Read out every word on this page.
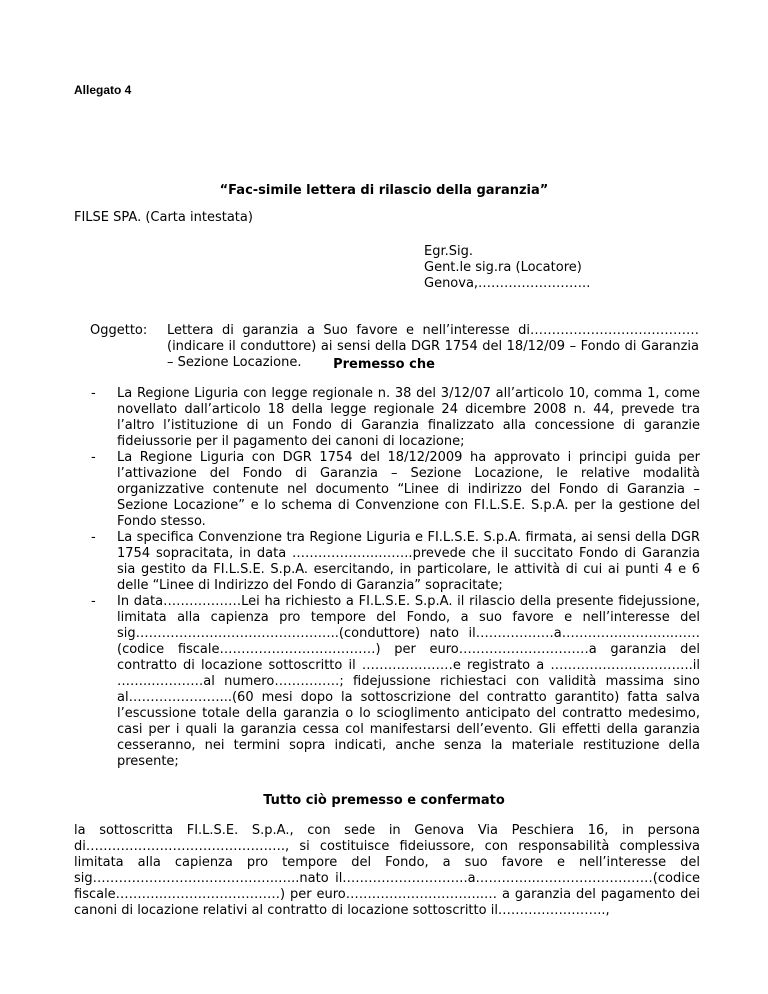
Allegato 4
“Fac-simile lettera di rilascio della garanzia”
FILSE SPA. (Carta intestata)
Egr.Sig.
Gent.le sig.ra (Locatore)
Genova,……………………..
Oggetto: Lettera di garanzia a Suo favore e nell’interesse di………………………………… (indicare il conduttore) ai sensi della DGR 1754 del 18/12/09 – Fondo di Garanzia – Sezione Locazione.	Premesso che
- La Regione Liguria con legge regionale n. 38 del 3/12/07 all’articolo 10, comma 1, come novellato dall’articolo 18 della legge regionale 24 dicembre 2008 n. 44, prevede tra l’altro l’istituzione di un Fondo di Garanzia finalizzato alla concessione di garanzie fideiussorie per il pagamento dei canoni di locazione;
- La Regione Liguria con DGR 1754 del 18/12/2009 ha approvato i principi guida per l’attivazione del Fondo di Garanzia – Sezione Locazione, le relative modalità organizzative contenute nel documento “Linee di indirizzo del Fondo di Garanzia – Sezione Locazione” e lo schema di Convenzione con FI.L.S.E. S.p.A. per la gestione del Fondo stesso.
- La specifica Convenzione tra Regione Liguria e FI.L.S.E. S.p.A. firmata, ai sensi della DGR 1754 sopracitata, in data ………………..……..prevede che il succitato Fondo di Garanzia sia gestito da FI.L.S.E. S.p.A. esercitando, in particolare, le attività di cui ai punti 4 e 6 delle “Linee di Indirizzo del Fondo di Garanzia” sopracitate;
- In data………………Lei ha richiesto a FI.L.S.E. S.p.A. il rilascio della presente fidejussione, limitata alla capienza pro tempore del Fondo, a suo favore e nell’interesse del sig………………………………………..(conduttore) nato il………………a……………………..……(codice fiscale………………………………) per euro…………………………a garanzia del contratto di locazione sottoscritto il …………………e registrato a ……………….…………..il ……..…………al numero……………; fidejussione richiestaci con validità massima sino al…………………...(60 mesi dopo la sottoscrizione del contratto garantito) fatta salva l’escussione totale della garanzia o lo scioglimento anticipato del contratto medesimo, casi per i quali la garanzia cessa col manifestarsi dell’evento. Gli effetti della garanzia cesseranno, nei termini sopra indicati, anche senza la materiale restituzione della presente;
Tutto ciò premesso e confermato
la sottoscritta FI.L.S.E. S.p.A., con sede in Genova Via Peschiera 16, in persona di………………………………………., si costituisce fideiussore, con responsabilità complessiva limitata alla capienza pro tempore del Fondo, a suo favore e nell’interesse del sig……………………..……………..…..nato il………………………..a…………..………………………(codice fiscale………..………………………) per euro…………………………..… a garanzia del pagamento dei canoni di locazione relativi al contratto di locazione sottoscritto il……………..……..,
